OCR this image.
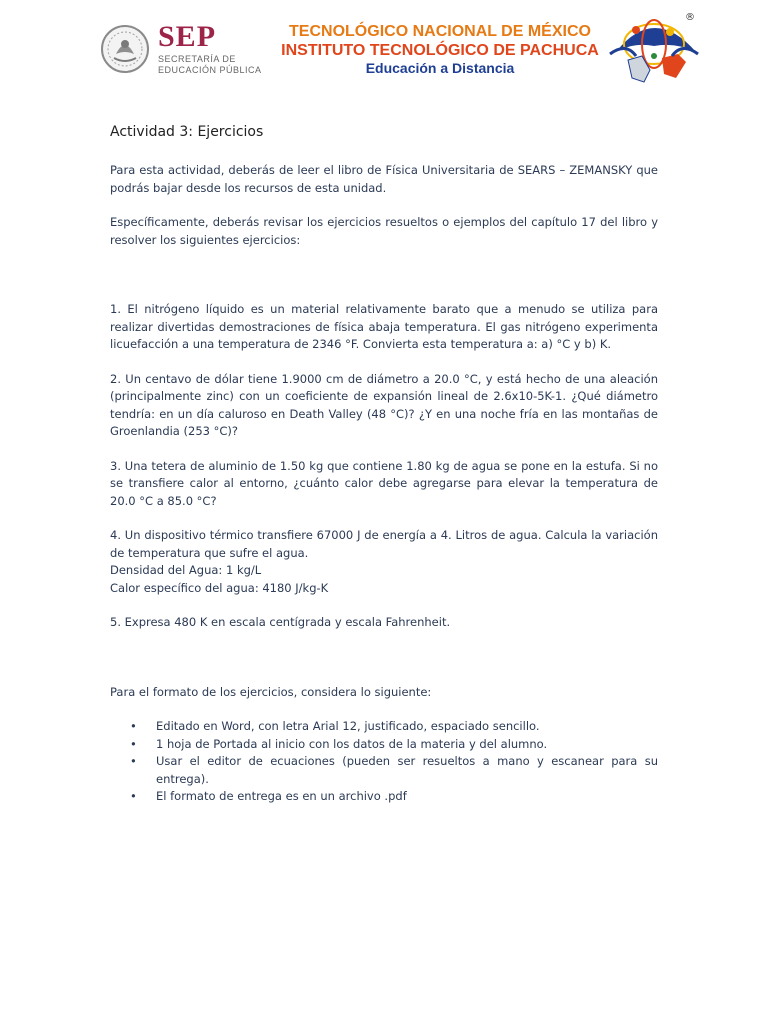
SEP
SECRETARÍA DE
EDUCACIÓN PÚBLICA
TECNOLÓGICO NACIONAL DE MÉXICO
INSTITUTO TECNOLÓGICO DE PACHUCA
Educación a Distancia
®

Actividad 3: Ejercicios

Para esta actividad, deberás de leer el libro de Física Universitaria de SEARS – ZEMANSKY que podrás bajar desde los recursos de esta unidad.

Específicamente, deberás revisar los ejercicios resueltos o ejemplos del capítulo 17 del libro y resolver los siguientes ejercicios:

1. El nitrógeno líquido es un material relativamente barato que a menudo se utiliza para realizar divertidas demostraciones de física abaja temperatura. El gas nitrógeno experimenta licuefacción a una temperatura de 2346 °F. Convierta esta temperatura a: a) °C y b) K.

2. Un centavo de dólar tiene 1.9000 cm de diámetro a 20.0 °C, y está hecho de una aleación (principalmente zinc) con un coeficiente de expansión lineal de 2.6x10-5K-1. ¿Qué diámetro tendría: en un día caluroso en Death Valley (48 °C)? ¿Y en una noche fría en las montañas de Groenlandia (253 °C)?

3. Una tetera de aluminio de 1.50 kg que contiene 1.80 kg de agua se pone en la estufa. Si no se transfiere calor al entorno, ¿cuánto calor debe agregarse para elevar la temperatura de 20.0 °C a 85.0 °C?

4. Un dispositivo térmico transfiere 67000 J de energía a 4. Litros de agua. Calcula la variación de temperatura que sufre el agua.

Densidad del Agua: 1 kg/L

Calor específico del agua: 4180 J/kg-K

5. Expresa 480 K en escala centígrada y escala Fahrenheit.

Para el formato de los ejercicios, considera lo siguiente:

• Editado en Word, con letra Arial 12, justificado, espaciado sencillo.
• 1 hoja de Portada al inicio con los datos de la materia y del alumno.
• Usar el editor de ecuaciones (pueden ser resueltos a mano y escanear para su entrega).
• El formato de entrega es en un archivo .pdf
